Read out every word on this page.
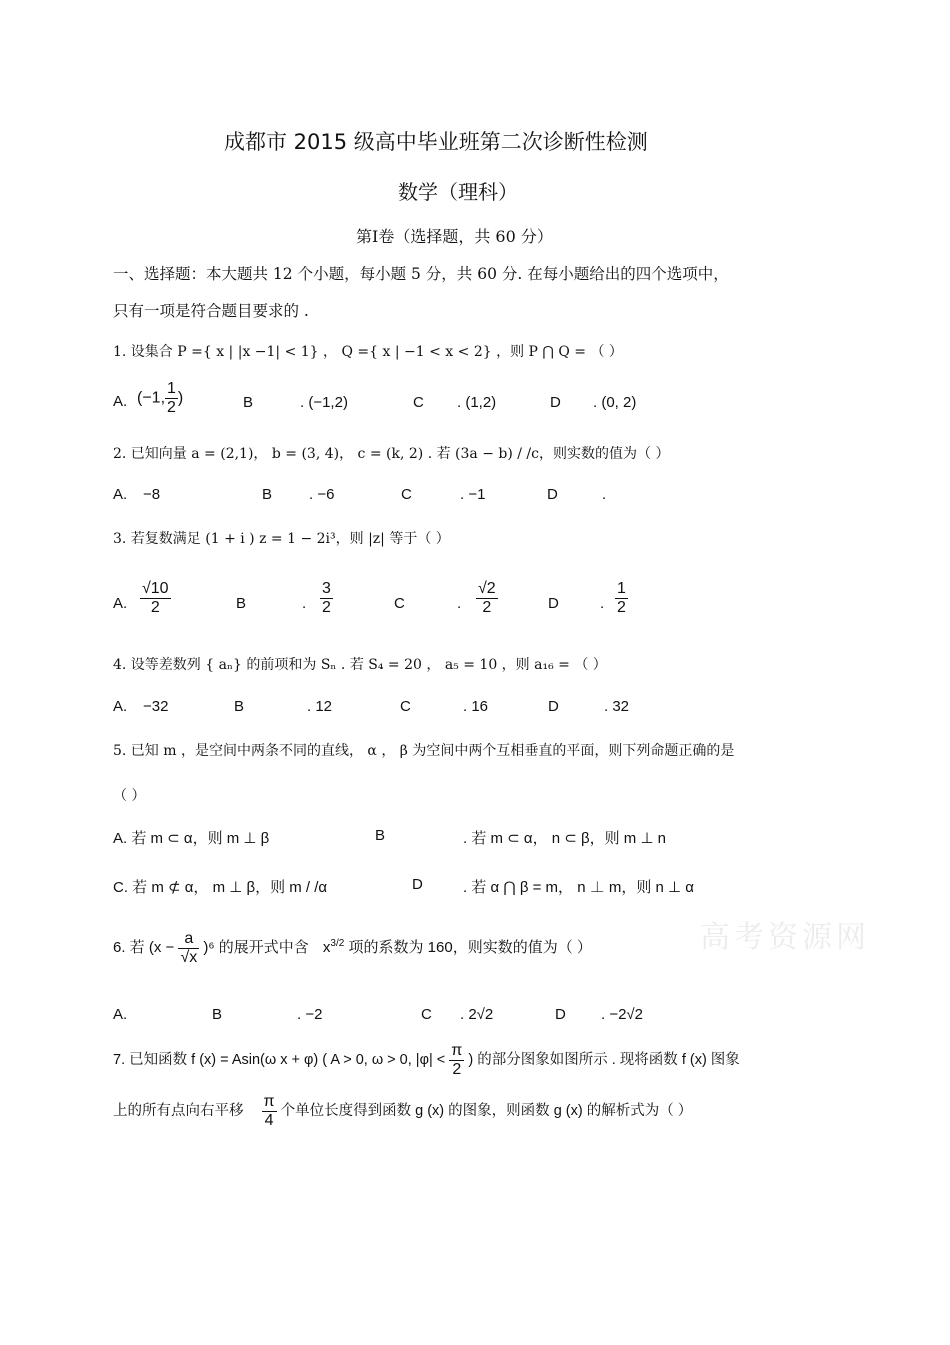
成都市 2015 级高中毕业班第二次诊断性检测
数学（理科）
第Ⅰ卷（选择题，共 60 分）
一、选择题：本大题共 12 个小题，每小题 5 分，共 60 分. 在每小题给出的四个选项中，
只有一项是符合题目要求的 .
1. 设集合 P ={ x | |x −1| < 1} ， Q ={ x | −1 < x < 2} ，则 P ⋂ Q = （ ）
A. (−1, $\frac{1}{2}$ )	B	. (−1,2)	C . (1,2)	D . (0, 2)
2. 已知向量 a = (2,1)， b = (3, 4)， c = (k, 2) . 若 (3a − b) / /c，则实数的值为（ ）
A. −8	B . −6	C	. −1	D	.
3. 若复数满足 (1 + i ) z = 1 − 2i³，则 |z| 等于（ ）
A. $\frac{√10}{2}$	B	. $\frac{3}{2}$	C	. $\frac{√2}{2}$	D	. $\frac{1}{2}$
4. 设等差数列 { aₙ} 的前项和为 Sₙ . 若 S₄ = 20 ， a₅ = 10 ，则 a₁₆ = （ ）
A. −32	B	. 12	C	. 16	D	. 32
5. 已知 m ，是空间中两条不同的直线， α ， β 为空间中两个互相垂直的平面，则下列命题正确的是
（ ）
A. 若 m ⊂ α，则 m ⊥ β	B	. 若 m ⊂ α， n ⊂ β，则 m ⊥ n
C. 若 m ⊄ α， m ⊥ β，则 m / /α	D	. 若 α ⋂ β = m， n ⊥ m，则 n ⊥ α
高考资源网
6. 若 $(x - \frac{a}{√x} )^6$ 的展开式中含 $x^{3/2}$ 项的系数为 160，则实数的值为（ ）
A.	B	. −2	C . 2√2	D . −2√2
7. 已知函数 f (x) = Asin(ω x + φ) ( A > 0, ω > 0, $|\varphi| < \frac{\pi}{2}$ ) 的部分图象如图所示 . 现将函数 f (x) 图象
上的所有点向右平移 $\frac{\pi}{4}$ 个单位长度得到函数 g (x) 的图象，则函数 g (x) 的解析式为（ ）
